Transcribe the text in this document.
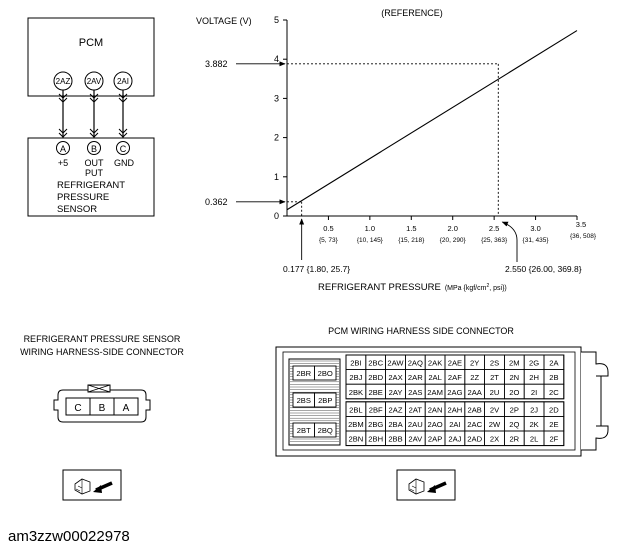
PCM
2AZ 2AV 2AI
A	B	C
+5 OUT
PUT
GND
REFRIGERANT
PRESSURE
SENSOR
(REFERENCE)
VOLTAGE (V)
0
1
2
3
4
5
0.5
{5, 73}
1.0
{10, 145}
1.5
{15, 218}
2.0
{20, 290}
2.5
{25, 363}
3.0
{31, 435}
3.5
{36, 508}
0.362
3.882
0.177 {1.80, 25.7}	2.550 {26.00, 369.8}
REFRIGERANT PRESSURE (MPa {$kgf/cm^2_{, psi\})}$
REFRIGERANT PRESSURE SENSOR
WIRING HARNESS-SIDE CONNECTOR
C B A
PCM WIRING HARNESS SIDE CONNECTOR
2BR 2BO
2BS 2BP
2BT 2BQ
2BI 2BC 2AW 2AQ 2AK 2AE 2Y 2S 2M 2G 2A
2BJ 2BD 2AX 2AR 2AL 2AF 2Z 2T 2N 2H 2B
2BK 2BE 2AY 2AS 2AM 2AG 2AA 2U 2O 2I 2C
2BL 2BF 2AZ 2AT 2AN 2AH 2AB 2V 2P 2J 2D
2BM 2BG 2BA 2AU 2AO 2AI 2AC 2W 2Q 2K 2E
2BN 2BH 2BB 2AV 2AP 2AJ 2AD 2X 2R 2L 2F
am3zzw00022978
